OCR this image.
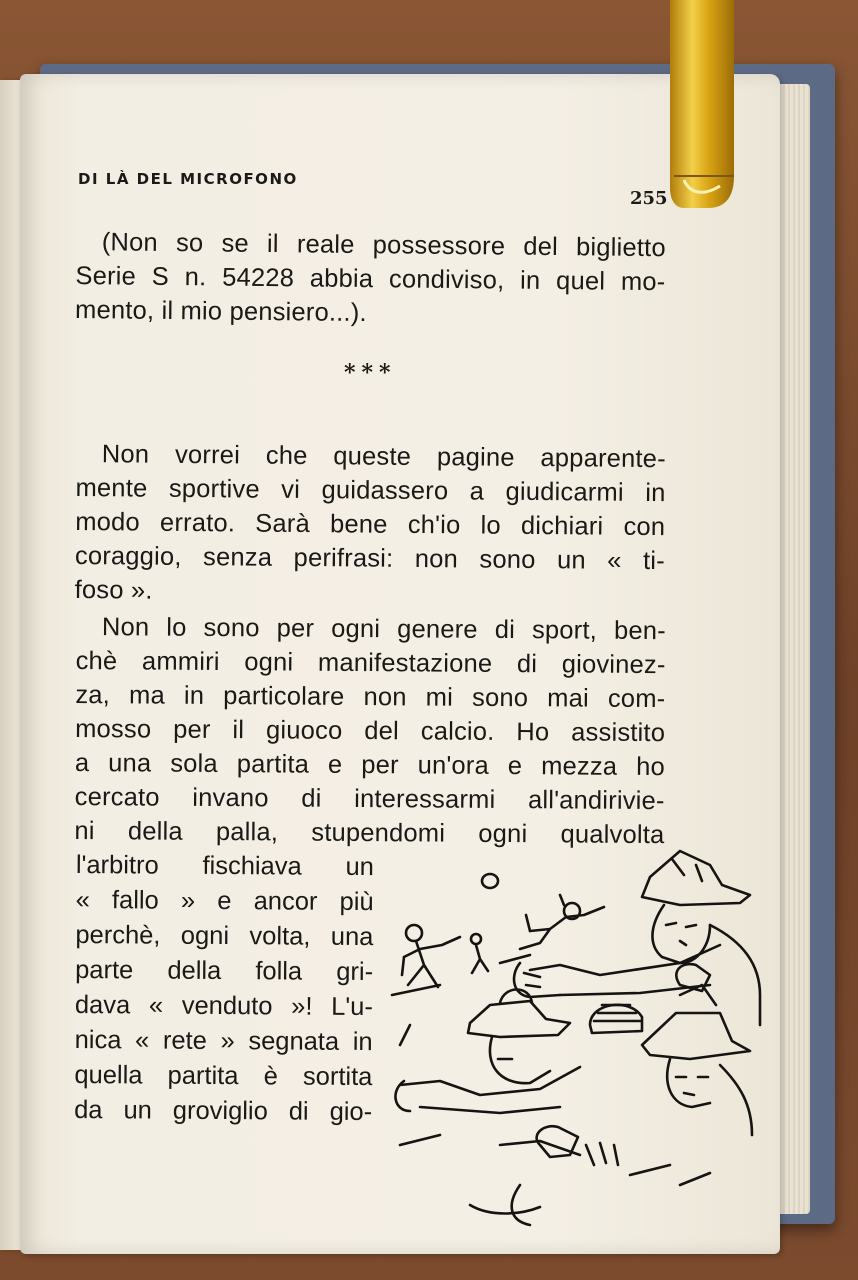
DI LÀ DEL MICROFONO
255
(Non so se il reale possessore del biglietto
Serie S n. 54228 abbia condiviso, in quel mo-
mento, il mio pensiero...).
***
Non vorrei che queste pagine apparente-
mente sportive vi guidassero a giudicarmi in
modo errato. Sarà bene ch'io lo dichiari con
coraggio, senza perifrasi: non sono un « ti-
foso ».
Non lo sono per ogni genere di sport, ben-
chè ammiri ogni manifestazione di giovinez-
za, ma in particolare non mi sono mai com-
mosso per il giuoco del calcio. Ho assistito
a una sola partita e per un'ora e mezza ho
cercato invano di interessarmi all'andirivie-
ni della palla, stupendomi ogni qualvolta
l'arbitro fischiava un
« fallo » e ancor più
perchè, ogni volta, una
parte della folla gri-
dava « venduto »! L'u-
nica « rete » segnata in
quella partita è sortita
da un groviglio di gio-
